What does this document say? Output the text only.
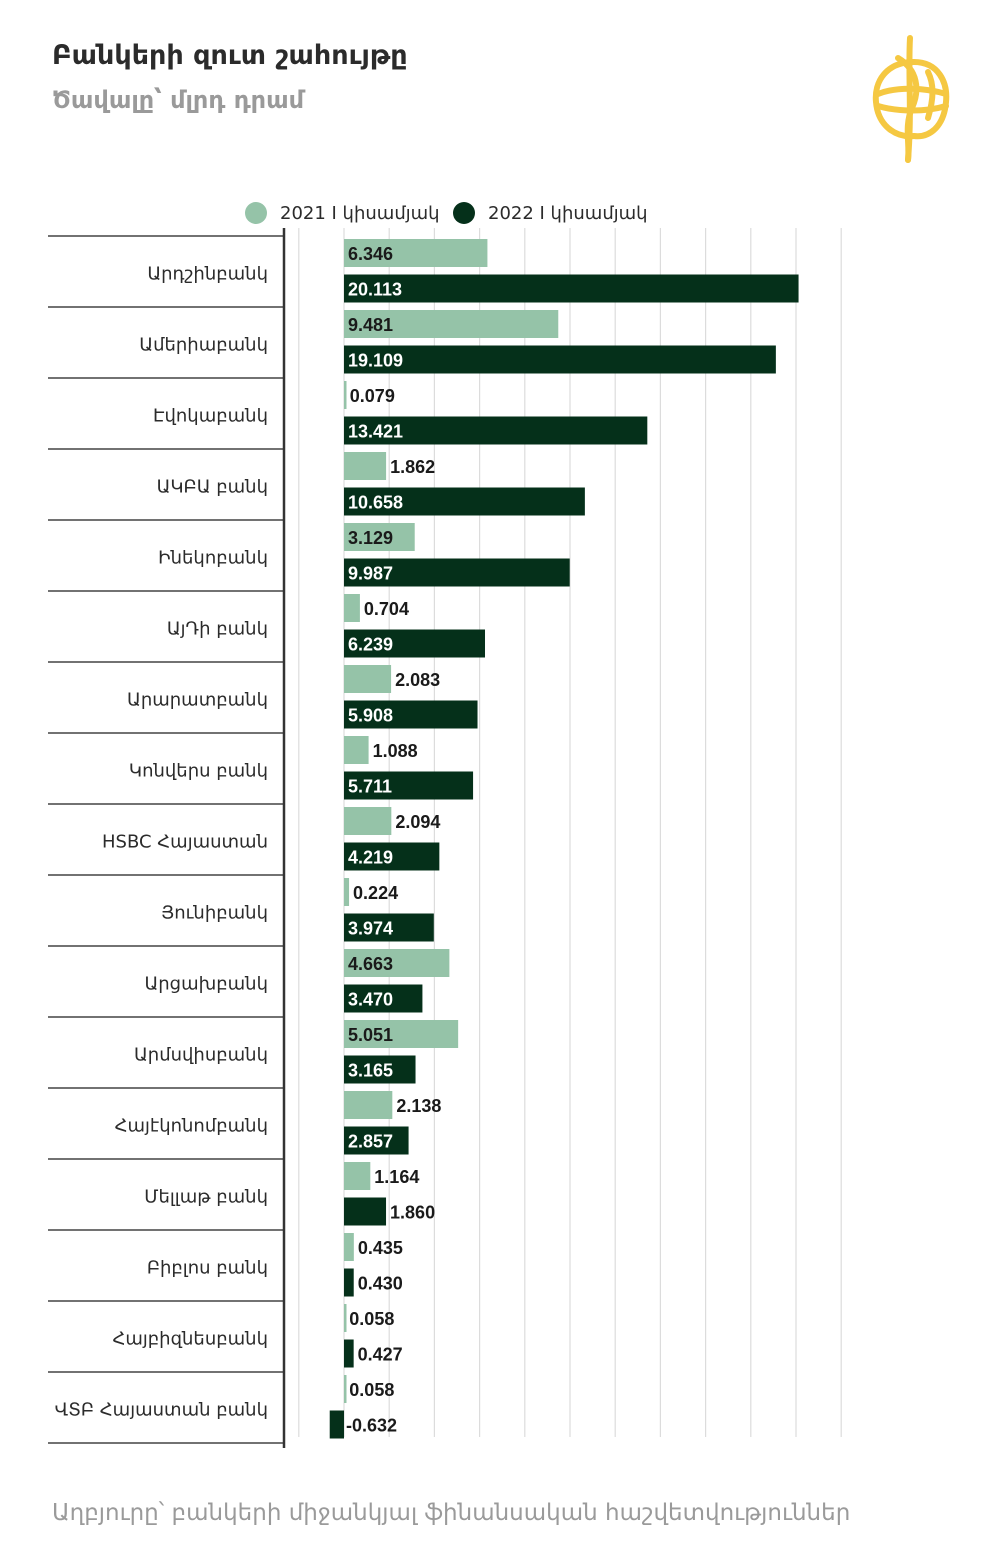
Բանկերի զուտ շահույթը
Ծավալը՝ մլրդ դրամ
2021 I կիսամյակ	2022 I կիսամյակ
Արդշինբանկ
Ամերիաբանկ
Էվոկաբանկ
ԱԿԲԱ բանկ
Ինեկոբանկ
ԱյԴի բանկ
Արարատբանկ
Կոնվերս բանկ
HSBC Հայաստան
Յունիբանկ
Արցախբանկ
Արմսվիսբանկ
Հայէկոնոմբանկ
Մելլաթ բանկ
Բիբլոս բանկ
Հայբիզնեսբանկ
ՎՏԲ Հայաստան բանկ
6.346
20.113
9.481
19.109
0.079
13.421
1.862
10.658
3.129
9.987
0.704
6.239
2.083
5.908
1.088
5.711
2.094
4.219
0.224
3.974
4.663
3.470
5.051
3.165
2.138
2.857
1.164
1.860
0.435
0.430
0.058
0.427
0.058
-0.632

Աղբյուրը՝ բանկերի միջանկյալ ֆինանսական հաշվետվություններ
